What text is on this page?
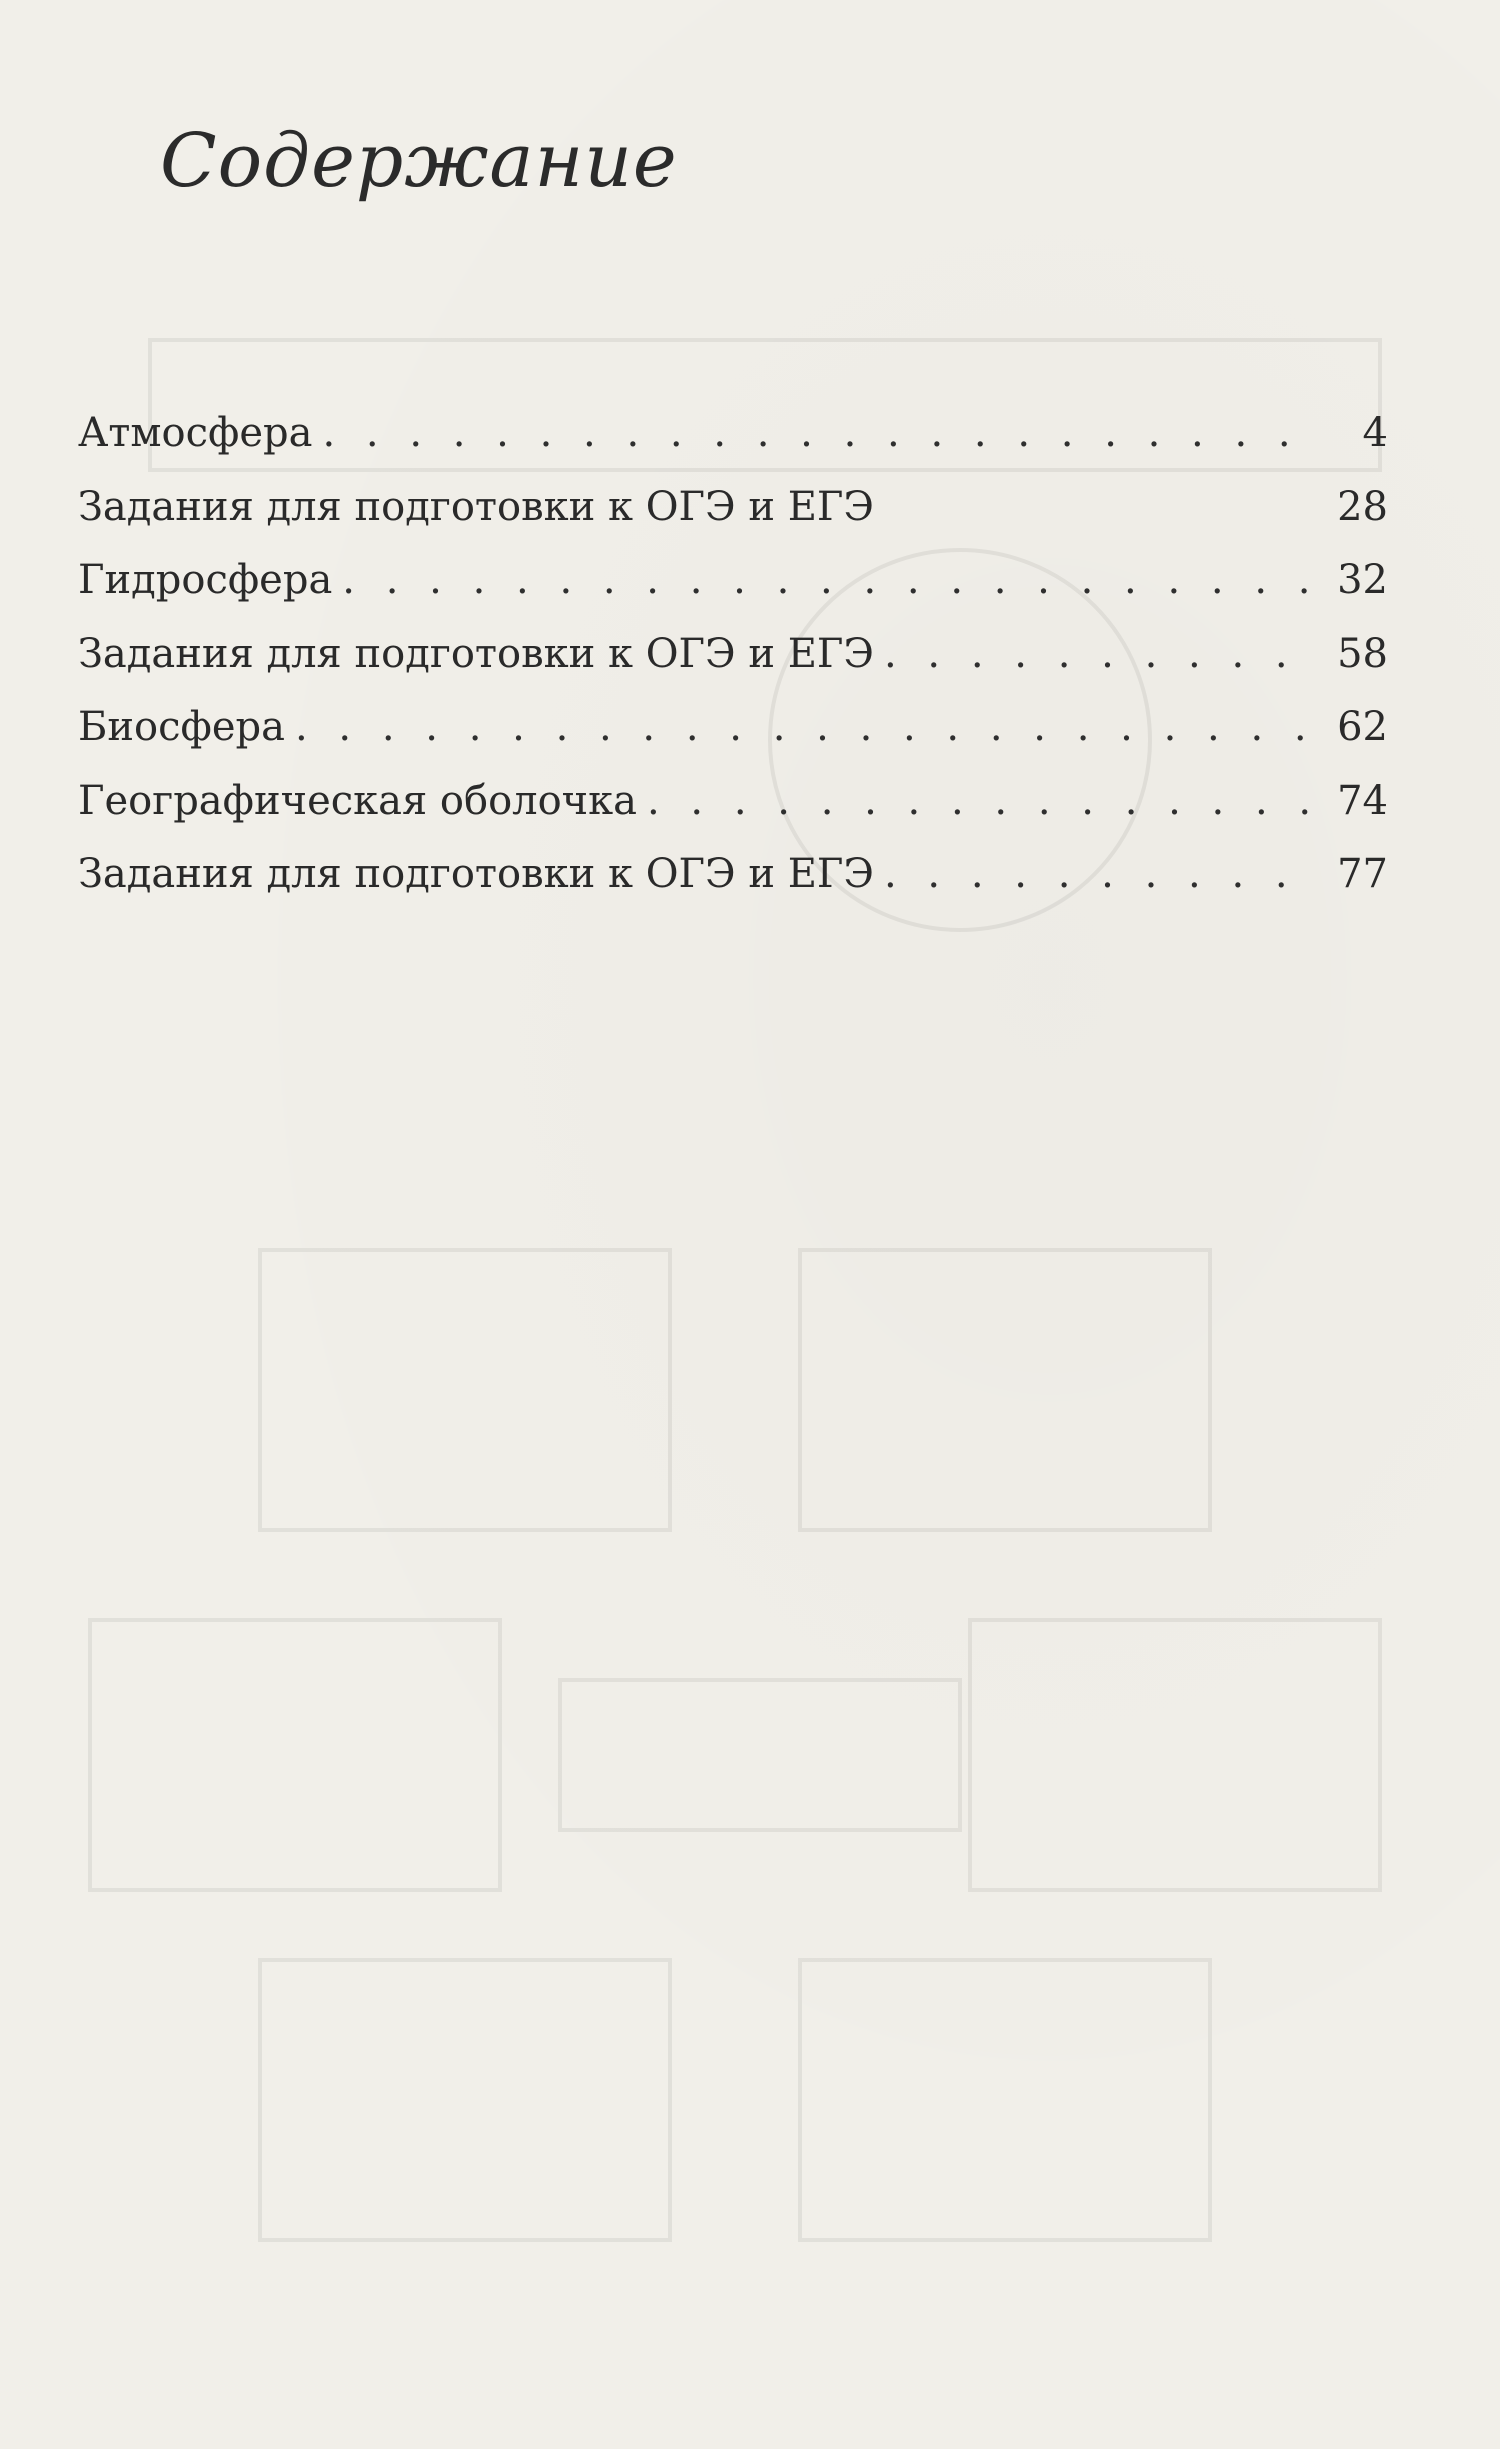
Содержание
Атмосфера . . .	4
Задания для подготовки к ОГЭ и ЕГЭ	28
Гидросфера . . .	32
Задания для подготовки к ОГЭ и ЕГЭ . . .	58
Биосфера . . .	62
Географическая оболочка . . .	74
Задания для подготовки к ОГЭ и ЕГЭ . . .	77
